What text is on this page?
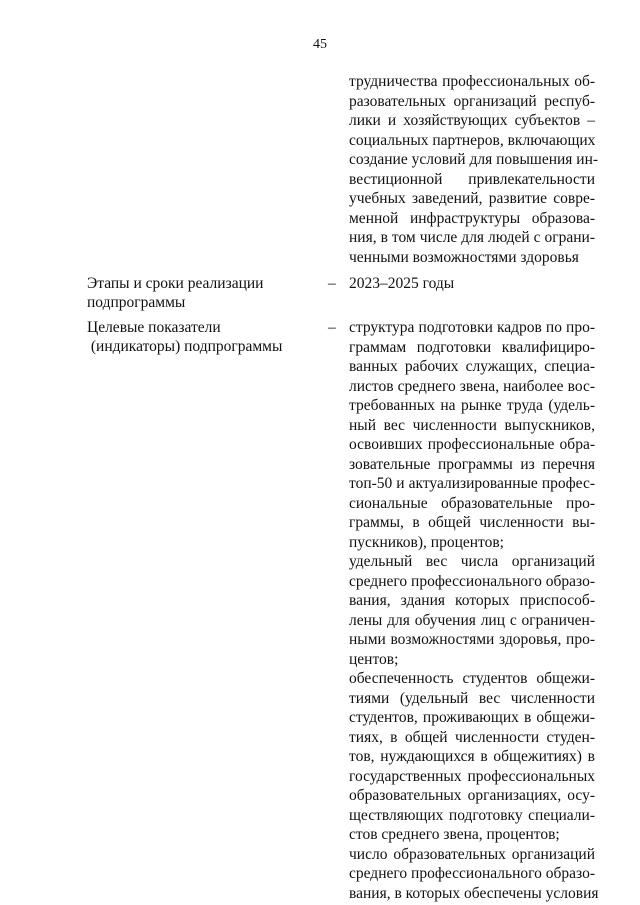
45
трудничества профессиональных об-
разовательных организаций респуб-
лики и хозяйствующих субъектов –
социальных партнеров, включающих
создание условий для повышения ин-
вестиционной привлекательности
учебных заведений, развитие совре-
менной инфраструктуры образова-
ния, в том числе для людей с ограни-
ченными возможностями здоровья
Этапы и сроки реализации
подпрограммы
– 2023–2025 годы
Целевые показатели
(индикаторы) подпрограммы
– структура подготовки кадров по про-
граммам подготовки квалифициро-
ванных рабочих служащих, специа-
листов среднего звена, наиболее вос-
требованных на рынке труда (удель-
ный вес численности выпускников,
освоивших профессиональные обра-
зовательные программы из перечня
топ-50 и актуализированные профес-
сиональные образовательные про-
граммы, в общей численности вы-
пускников), процентов;
удельный вес числа организаций
среднего профессионального образо-
вания, здания которых приспособ-
лены для обучения лиц с ограничен-
ными возможностями здоровья, про-
центов;
обеспеченность студентов общежи-
тиями (удельный вес численности
студентов, проживающих в общежи-
тиях, в общей численности студен-
тов, нуждающихся в общежитиях) в
государственных профессиональных
образовательных организациях, осу-
ществляющих подготовку специали-
стов среднего звена, процентов;
число образовательных организаций
среднего профессионального образо-
вания, в которых обеспечены условия
